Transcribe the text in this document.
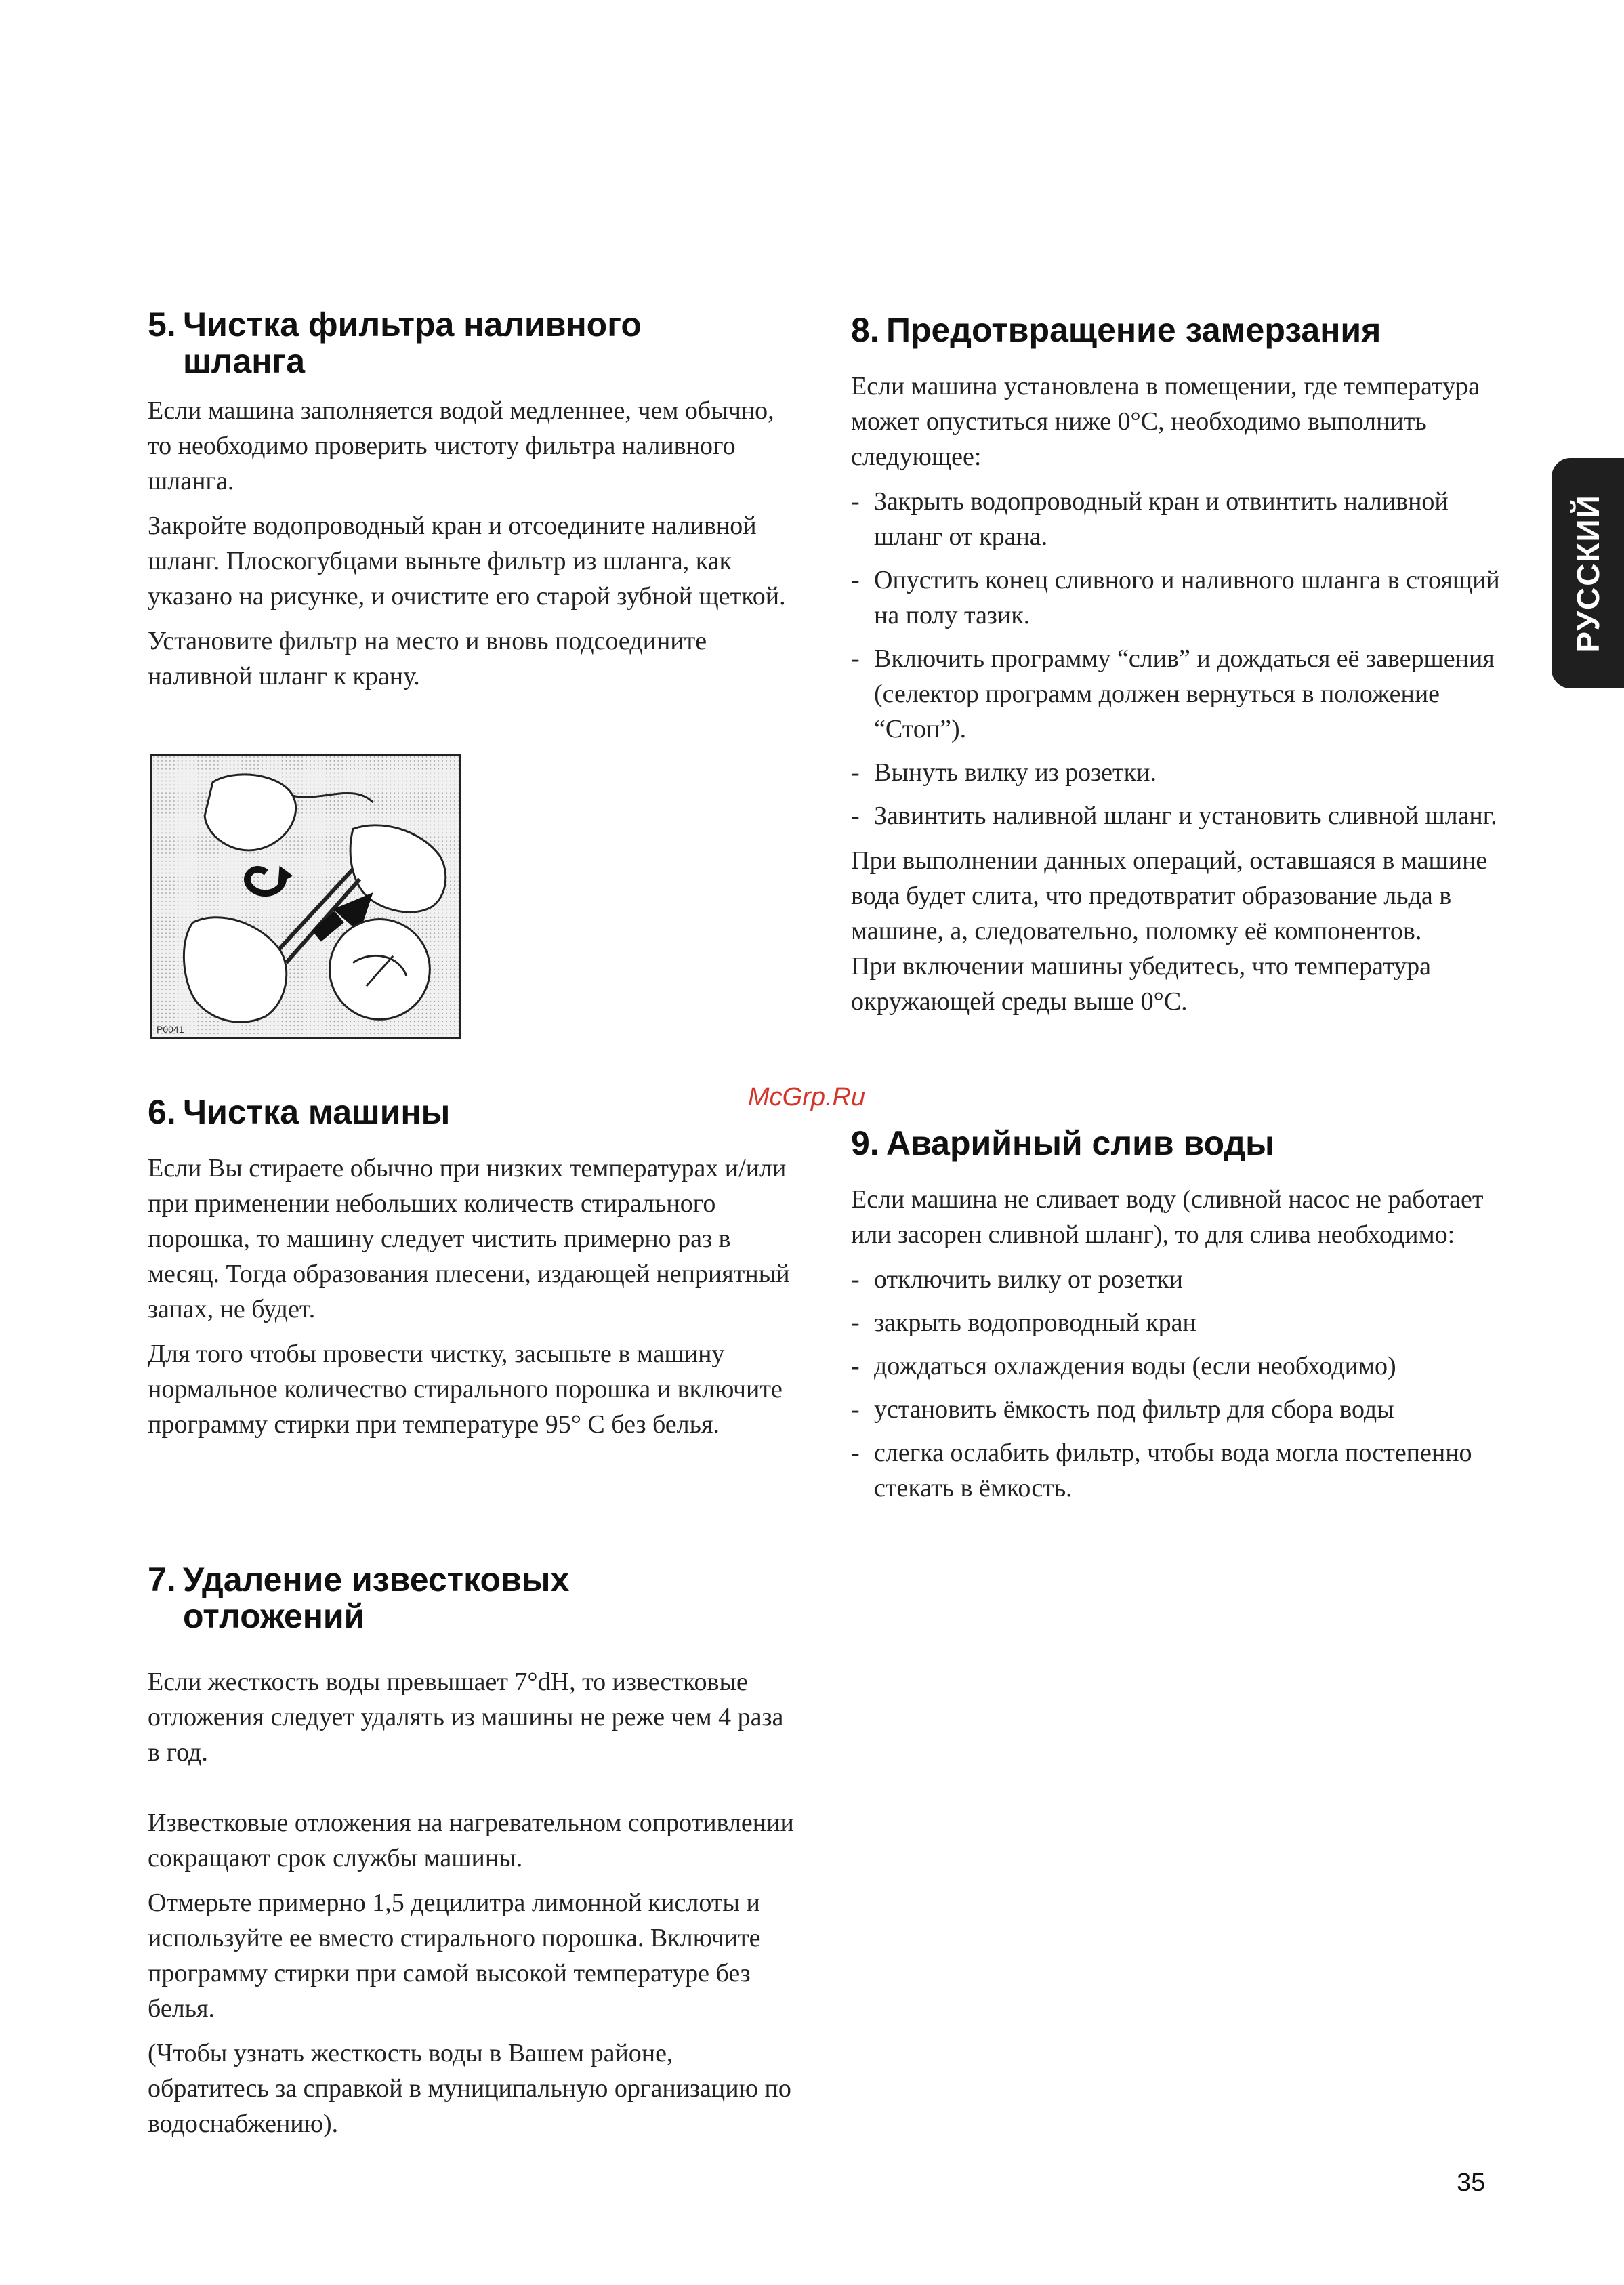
5. Чистка фильтра наливного
шланга

Если машина заполняется водой медленнее, чем обычно, то необходимо проверить чистоту фильтра наливного шланга.

Закройте водопроводный кран и отсоедините наливной шланг. Плоскогубцами выньте фильтр из шланга, как указано на рисунке, и очистите его старой зубной щеткой.

Установите фильтр на место и вновь подсоедините наливной шланг к крану.

6. Чистка машины

Если Вы стираете обычно при низких температурах и/или при применении небольших количеств стирального порошка, то машину следует чистить примерно раз в месяц. Тогда образования плесени, издающей неприятный запах, не будет.

Для того чтобы провести чистку, засыпьте в машину нормальное количество стирального порошка и включите программу стирки при температуре 95° С без белья.

7. Удаление известковых
отложений

Если жесткость воды превышает 7°dH, то известковые отложения следует удалять из машины не реже чем 4 раза в год.

Известковые отложения на нагревательном сопротивлении сокращают срок службы машины.

Отмерьте примерно 1,5 децилитра лимонной кислоты и используйте ее вместо стирального порошка. Включите программу стирки при самой высокой температуре без белья.

(Чтобы узнать жесткость воды в Вашем районе, обратитесь за справкой в муниципальную организацию по водоснабжению).

P0041
8. Предотвращение замерзания

Если машина установлена в помещении, где температура может опуститься ниже 0°С, необходимо выполнить следующее:

- Закрыть водопроводный кран и отвинтить наливной шланг от крана.
- Опустить конец сливного и наливного шланга в стоящий на полу тазик.
- Включить программу “слив” и дождаться её завершения (селектор программ должен вернуться в положение “Стоп”).
- Вынуть вилку из розетки.
- Завинтить наливной шланг и установить сливной шланг.

При выполнении данных операций, оставшаяся в машине вода будет слита, что предотвратит образование льда в машине, а, следовательно, поломку её компонентов.

При включении машины убедитесь, что температура окружающей среды выше 0°С.

9. Аварийный слив воды

Если машина не сливает воду (сливной насос не работает или засорен сливной шланг), то для слива необходимо:

- отключить вилку от розетки
- закрыть водопроводный кран
- дождаться охлаждения воды (если необходимо)
- установить ёмкость под фильтр для сбора воды
- слегка ослабить фильтр, чтобы вода могла постепенно стекать в ёмкость.
РУССКИЙ
McGrp.Ru
35
